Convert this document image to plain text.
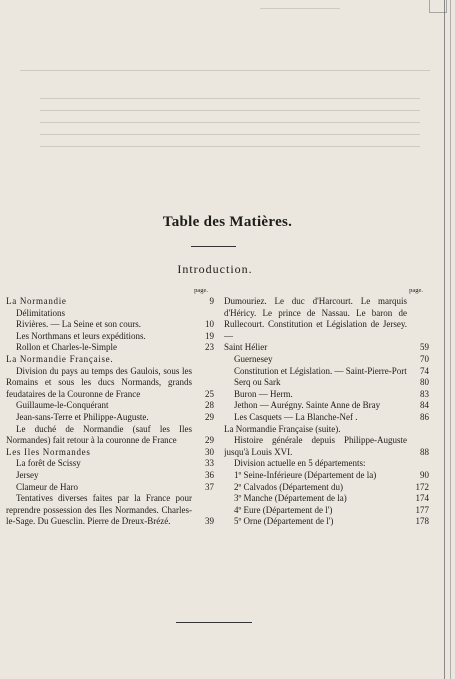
Table des Matières.
Introduction.
page.
La Normandie	9
Délimitations
Rivières. — La Seine et son cours.	10
Les Northmans et leurs expéditions.	19
Rollon et Charles-le-Simple	23
La Normandie Française.
Division du pays au temps des Gaulois, sous les Romains et sous les ducs Normands, grands feudataires de la Couronne de France	25
Guillaume-le-Conquérant	28
Jean-sans-Terre et Philippe-Auguste.	29
Le duché de Normandie (sauf les Iles Normandes) fait retour à la couronne de France	29
Les Iles Normandes	30
La forêt de Scissy	33
Jersey	36
Clameur de Haro	37
Tentatives diverses faites par la France pour reprendre possession des Iles Normandes. Charles-le-Sage. Du Guesclin. Pierre de Dreux-Brézé.	39
page.
Dumouriez. Le duc d'Harcourt. Le marquis d'Héricy. Le prince de Nassau. Le baron de Rullecourt. Constitution et Législation de Jersey. —
Saint Hélier	59
Guernesey	70
Constitution et Législation. — Saint-Pierre-Port	74
Serq ou Sark	80
Buron — Herm.	83
Jethon — Aurégny. Sainte Anne de Bray	84
Les Casquets — La Blanche-Nef .	86
La Normandie Française (suite).
Histoire générale depuis Philippe-Auguste jusqu'à Louis XVI.	88
Division actuelle en 5 départements:
1º Seine-Inférieure (Département de la)	90
2º Calvados (Département du)	172
3º Manche (Département de la)	174
4º Eure (Département de l')	177
5º Orne (Département de l')	178
